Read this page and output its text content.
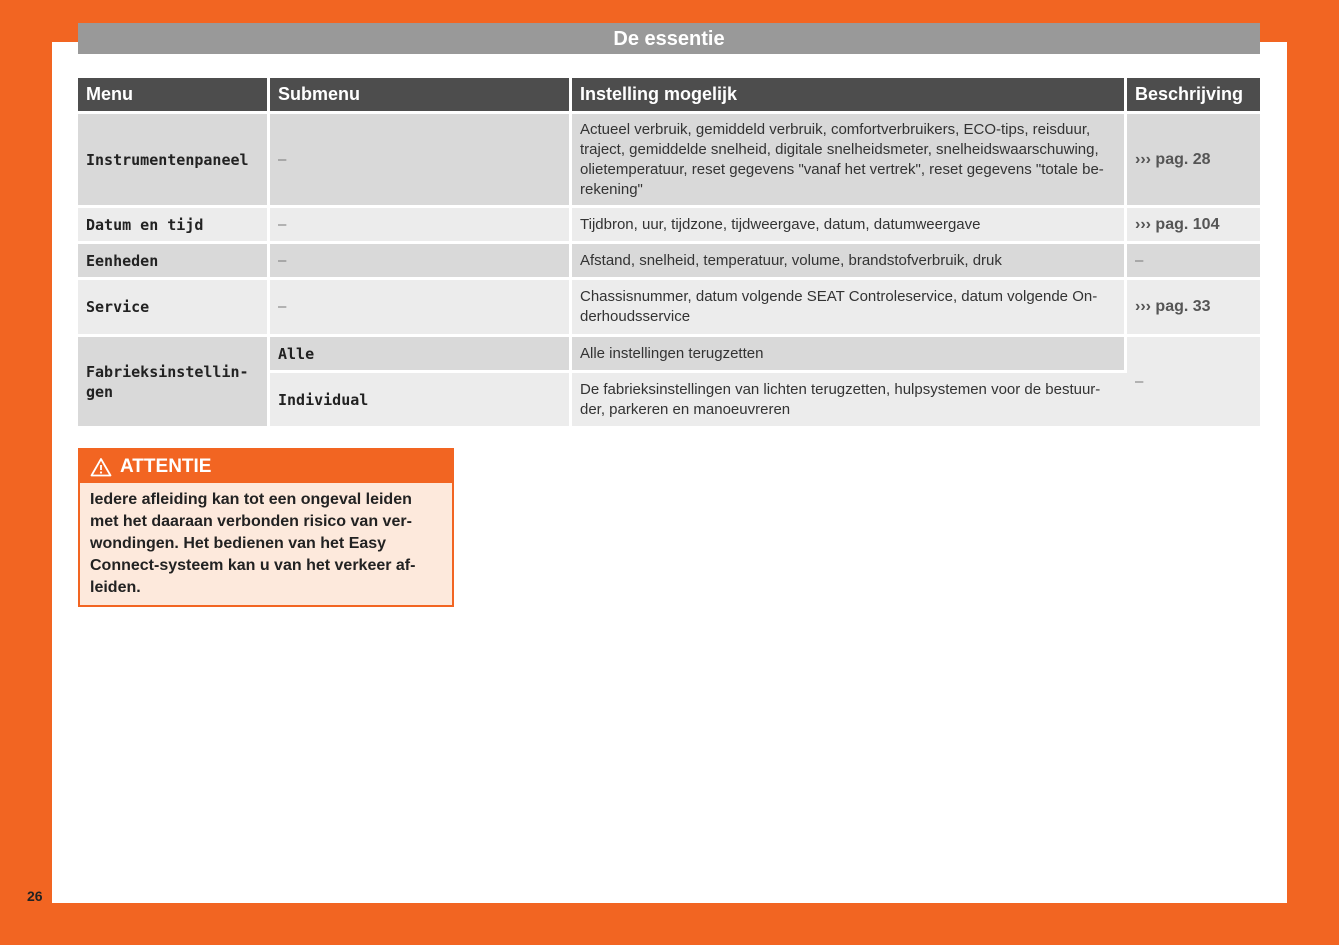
De essentie
Menu	Submenu	Instelling mogelijk	Beschrijving
Instrumentenpaneel	–	Actueel verbruik, gemiddeld verbruik, comfortverbruikers, ECO-tips, reisduur, traject, gemiddelde snelheid, digitale snelheidsmeter, snelheidswaarschuwing, olietemperatuur, reset gegevens "vanaf het vertrek", reset gegevens "totale be-rekening"	››› pag. 28
Datum en tijd	–	Tijdbron, uur, tijdzone, tijdweergave, datum, datumweergave	››› pag. 104
Eenheden	–	Afstand, snelheid, temperatuur, volume, brandstofverbruik, druk	–
Service	–	Chassisnummer, datum volgende SEAT Controleservice, datum volgende On-derhoudsservice	››› pag. 33
Fabrieksinstellin-gen	Alle	Alle instellingen terugzetten	–
	Individual	De fabrieksinstellingen van lichten terugzetten, hulpsystemen voor de bestuur-der, parkeren en manoeuvreren	
ATTENTIE
Iedere afleiding kan tot een ongeval leiden met het daaraan verbonden risico van ver-wondingen. Het bedienen van het Easy Connect-systeem kan u van het verkeer af-leiden.
26
